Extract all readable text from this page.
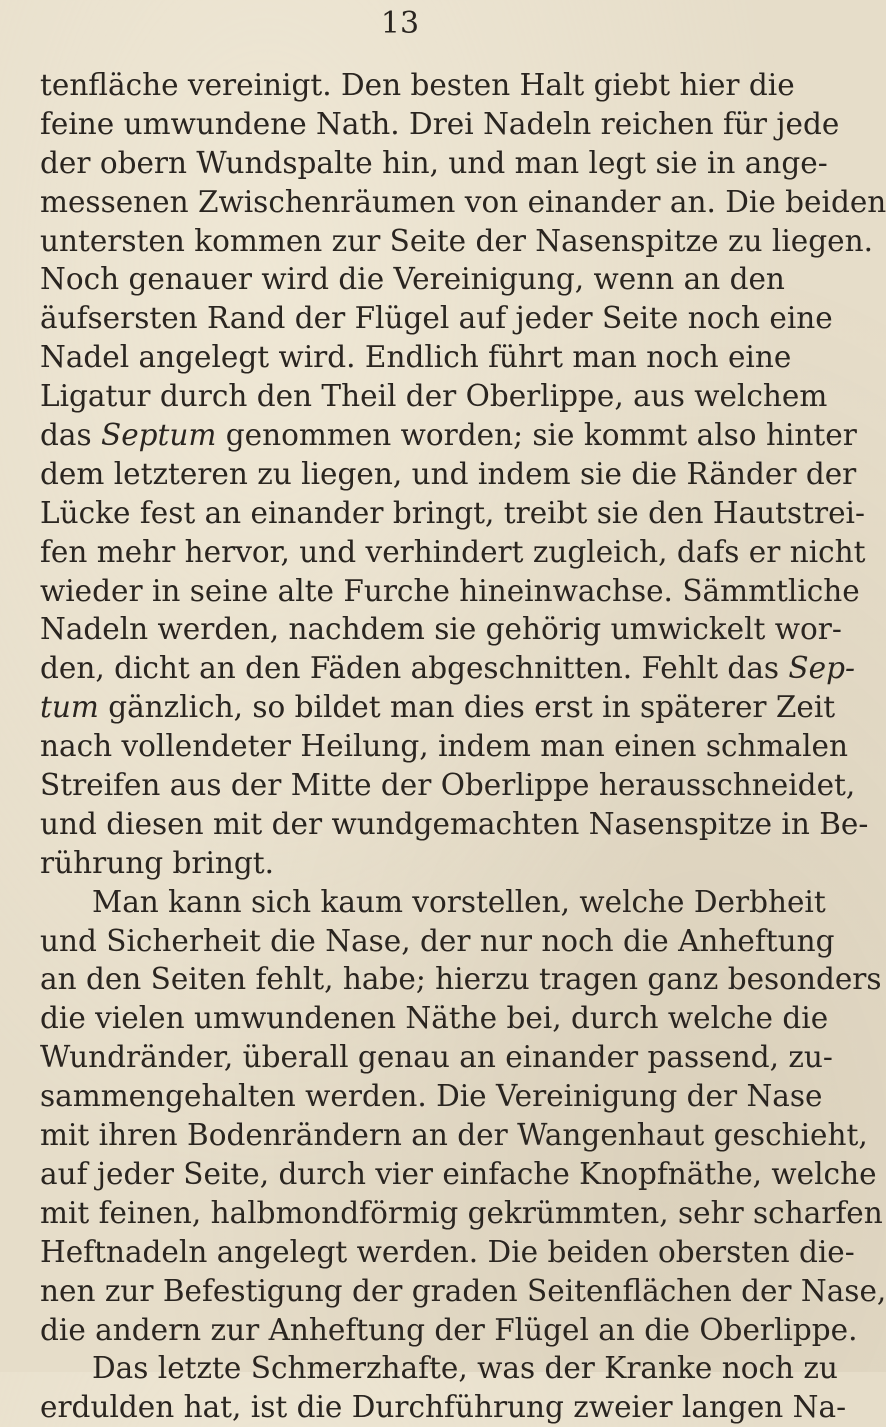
13
tenfläche vereinigt. Den besten Halt giebt hier die
feine umwundene Nath. Drei Nadeln reichen für jede
der obern Wundspalte hin, und man legt sie in ange-
messenen Zwischenräumen von einander an. Die beiden
untersten kommen zur Seite der Nasenspitze zu liegen.
Noch genauer wird die Vereinigung, wenn an den
äufsersten Rand der Flügel auf jeder Seite noch eine
Nadel angelegt wird. Endlich führt man noch eine
Ligatur durch den Theil der Oberlippe, aus welchem
das Septum genommen worden; sie kommt also hinter
dem letzteren zu liegen, und indem sie die Ränder der
Lücke fest an einander bringt, treibt sie den Hautstrei-
fen mehr hervor, und verhindert zugleich, dafs er nicht
wieder in seine alte Furche hineinwachse. Sämmtliche
Nadeln werden, nachdem sie gehörig umwickelt wor-
den, dicht an den Fäden abgeschnitten. Fehlt das Sep-
tum gänzlich, so bildet man dies erst in späterer Zeit
nach vollendeter Heilung, indem man einen schmalen
Streifen aus der Mitte der Oberlippe herausschneidet,
und diesen mit der wundgemachten Nasenspitze in Be-
rührung bringt.
Man kann sich kaum vorstellen, welche Derbheit
und Sicherheit die Nase, der nur noch die Anheftung
an den Seiten fehlt, habe; hierzu tragen ganz besonders
die vielen umwundenen Näthe bei, durch welche die
Wundränder, überall genau an einander passend, zu-
sammengehalten werden. Die Vereinigung der Nase
mit ihren Bodenrändern an der Wangenhaut geschieht,
auf jeder Seite, durch vier einfache Knopfnäthe, welche
mit feinen, halbmondförmig gekrümmten, sehr scharfen
Heftnadeln angelegt werden. Die beiden obersten die-
nen zur Befestigung der graden Seitenflächen der Nase,
die andern zur Anheftung der Flügel an die Oberlippe.
Das letzte Schmerzhafte, was der Kranke noch zu
erdulden hat, ist die Durchführung zweier langen Na-
